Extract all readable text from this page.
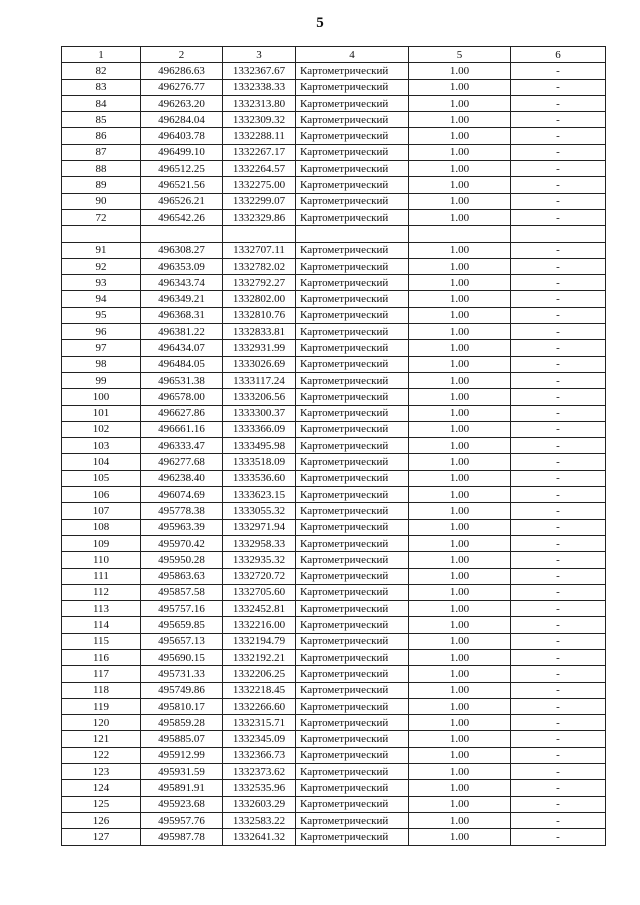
5
1	2	3	4	5	6
82	496286.63	1332367.67	Картометрический	1.00	-
83	496276.77	1332338.33	Картометрический	1.00	-
84	496263.20	1332313.80	Картометрический	1.00	-
85	496284.04	1332309.32	Картометрический	1.00	-
86	496403.78	1332288.11	Картометрический	1.00	-
87	496499.10	1332267.17	Картометрический	1.00	-
88	496512.25	1332264.57	Картометрический	1.00	-
89	496521.56	1332275.00	Картометрический	1.00	-
90	496526.21	1332299.07	Картометрический	1.00	-
72	496542.26	1332329.86	Картометрический	1.00	-

91	496308.27	1332707.11	Картометрический	1.00	-
92	496353.09	1332782.02	Картометрический	1.00	-
93	496343.74	1332792.27	Картометрический	1.00	-
94	496349.21	1332802.00	Картометрический	1.00	-
95	496368.31	1332810.76	Картометрический	1.00	-
96	496381.22	1332833.81	Картометрический	1.00	-
97	496434.07	1332931.99	Картометрический	1.00	-
98	496484.05	1333026.69	Картометрический	1.00	-
99	496531.38	1333117.24	Картометрический	1.00	-
100	496578.00	1333206.56	Картометрический	1.00	-
101	496627.86	1333300.37	Картометрический	1.00	-
102	496661.16	1333366.09	Картометрический	1.00	-
103	496333.47	1333495.98	Картометрический	1.00	-
104	496277.68	1333518.09	Картометрический	1.00	-
105	496238.40	1333536.60	Картометрический	1.00	-
106	496074.69	1333623.15	Картометрический	1.00	-
107	495778.38	1333055.32	Картометрический	1.00	-
108	495963.39	1332971.94	Картометрический	1.00	-
109	495970.42	1332958.33	Картометрический	1.00	-
110	495950.28	1332935.32	Картометрический	1.00	-
111	495863.63	1332720.72	Картометрический	1.00	-
112	495857.58	1332705.60	Картометрический	1.00	-
113	495757.16	1332452.81	Картометрический	1.00	-
114	495659.85	1332216.00	Картометрический	1.00	-
115	495657.13	1332194.79	Картометрический	1.00	-
116	495690.15	1332192.21	Картометрический	1.00	-
117	495731.33	1332206.25	Картометрический	1.00	-
118	495749.86	1332218.45	Картометрический	1.00	-
119	495810.17	1332266.60	Картометрический	1.00	-
120	495859.28	1332315.71	Картометрический	1.00	-
121	495885.07	1332345.09	Картометрический	1.00	-
122	495912.99	1332366.73	Картометрический	1.00	-
123	495931.59	1332373.62	Картометрический	1.00	-
124	495891.91	1332535.96	Картометрический	1.00	-
125	495923.68	1332603.29	Картометрический	1.00	-
126	495957.76	1332583.22	Картометрический	1.00	-
127	495987.78	1332641.32	Картометрический	1.00	-
